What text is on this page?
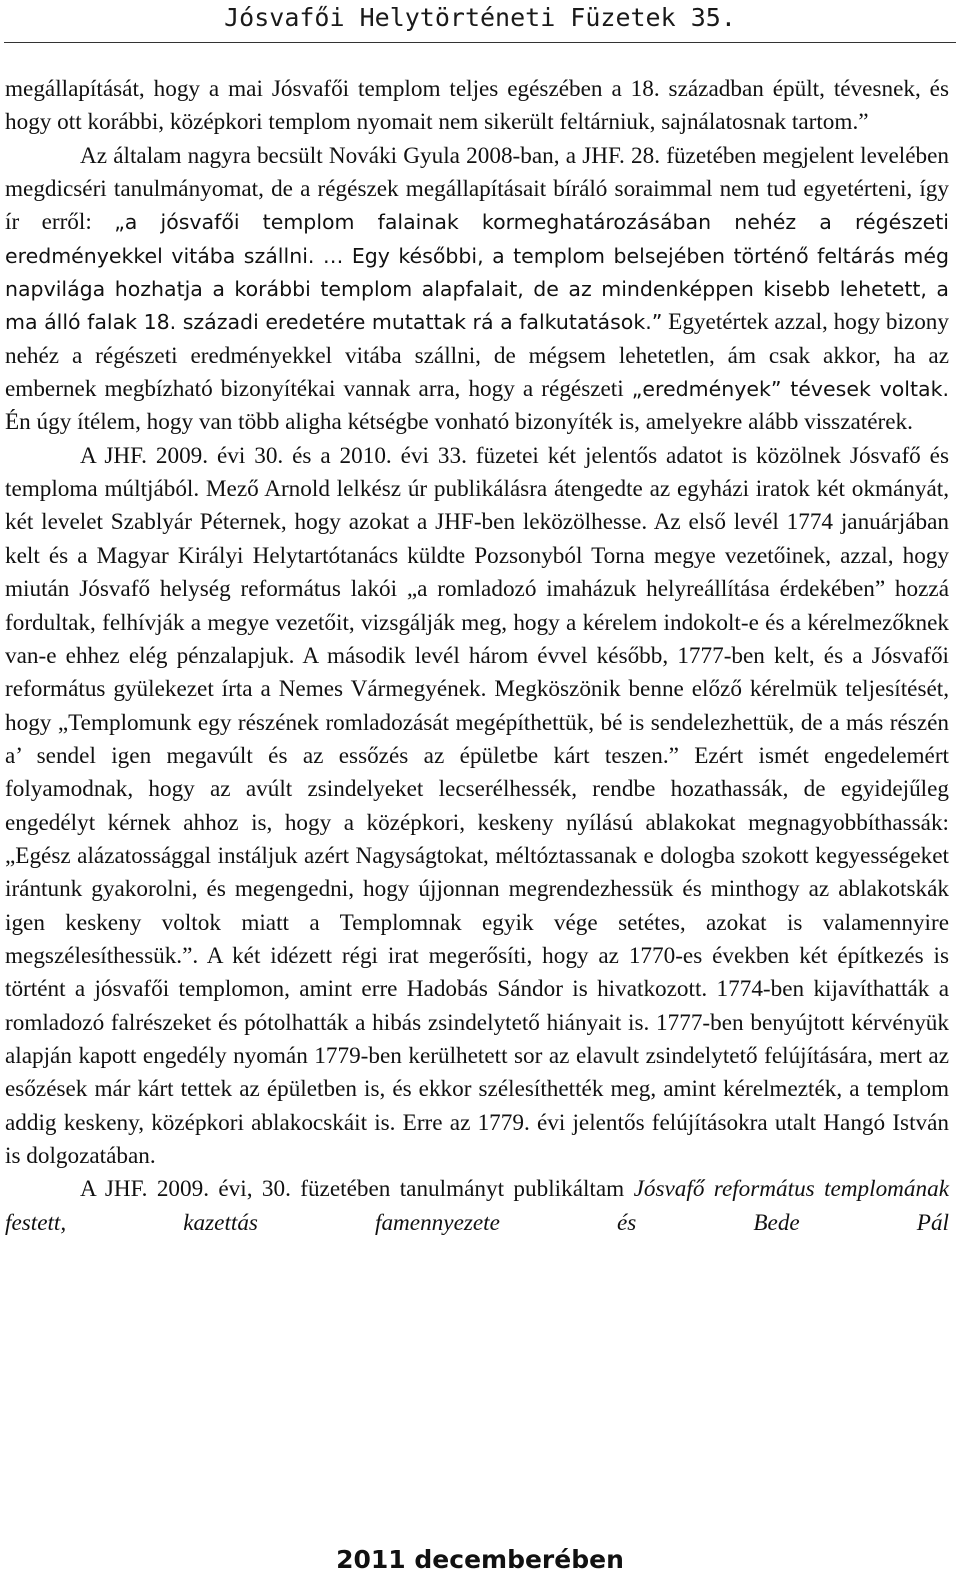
Jósvafői Helytörténeti Füzetek 35.

megállapítását, hogy a mai Jósvafői templom teljes egészében a 18. században épült, tévesnek, és hogy ott korábbi, középkori templom nyomait nem sikerült feltárniuk, sajnálatosnak tartom.”

Az általam nagyra becsült Nováki Gyula 2008-ban, a JHF. 28. füzetében megjelent levelében megdicséri tanulmányomat, de a régészek megállapításait bíráló soraimmal nem tud egyetérteni, így ír erről: „a jósvafői templom falainak kormeghatározásában nehéz a régészeti eredményekkel vitába szállni. … Egy későbbi, a templom belsejében történő feltárás még napvilága hozhatja a korábbi templom alapfalait, de az mindenképpen kisebb lehetett, a ma álló falak 18. századi eredetére mutattak rá a falkutatások.” Egyetértek azzal, hogy bizony nehéz a régészeti eredményekkel vitába szállni, de mégsem lehetetlen, ám csak akkor, ha az embernek megbízható bizonyítékai vannak arra, hogy a régészeti „eredmények” tévesek voltak. Én úgy ítélem, hogy van több aligha kétségbe vonható bizonyíték is, amelyekre alább visszatérek.

A JHF. 2009. évi 30. és a 2010. évi 33. füzetei két jelentős adatot is közölnek Jósvafő és temploma múltjából. Mező Arnold lelkész úr publikálásra átengedte az egyházi iratok két okmányát, két levelet Szablyár Péternek, hogy azokat a JHF-ben leközölhesse. Az első levél 1774 januárjában kelt és a Magyar Királyi Helytartótanács küldte Pozsonyból Torna megye vezetőinek, azzal, hogy miután Jósvafő helység református lakói „a romladozó imaházuk helyreállítása érdekében” hozzá fordultak, felhívják a megye vezetőit, vizsgálják meg, hogy a kérelem indokolt-e és a kérelmezőknek van-e ehhez elég pénzalapjuk. A második levél három évvel később, 1777-ben kelt, és a Jósvafői református gyülekezet írta a Nemes Vármegyének. Megköszönik benne előző kérelmük teljesítését, hogy „Templomunk egy részének romladozását megépíthettük, bé is sendelezhettük, de a más részén a’ sendel igen megavúlt és az essőzés az épületbe kárt teszen.” Ezért ismét engedelemért folyamodnak, hogy az avúlt zsindelyeket lecserélhessék, rendbe hozathassák, de egyidejűleg engedélyt kérnek ahhoz is, hogy a középkori, keskeny nyílású ablakokat megnagyobbíthassák: „Egész alázatossággal instáljuk azért Nagyságtokat, méltóztassanak e dologba szokott kegyességeket irántunk gyakorolni, és megengedni, hogy újjonnan megrendezhessük és minthogy az ablakotskák igen keskeny voltok miatt a Templomnak egyik vége setétes, azokat is valamennyire megszélesíthessük.”. A két idézett régi irat megerősíti, hogy az 1770-es években két építkezés is történt a jósvafői templomon, amint erre Hadobás Sándor is hivatkozott. 1774-ben kijavíthatták a romladozó falrészeket és pótolhatták a hibás zsindelytető hiányait is. 1777-ben benyújtott kérvényük alapján kapott engedély nyomán 1779-ben kerülhetett sor az elavult zsindelytető felújítására, mert az esőzések már kárt tettek az épületben is, és ekkor szélesíthették meg, amint kérelmezték, a templom addig keskeny, középkori ablakocskáit is. Erre az 1779. évi jelentős felújításokra utalt Hangó István is dolgozatában.

A JHF. 2009. évi, 30. füzetében tanulmányt publikáltam Jósvafő református templomának festett, kazettás famennyezete és Bede Pál

2011 decemberében
